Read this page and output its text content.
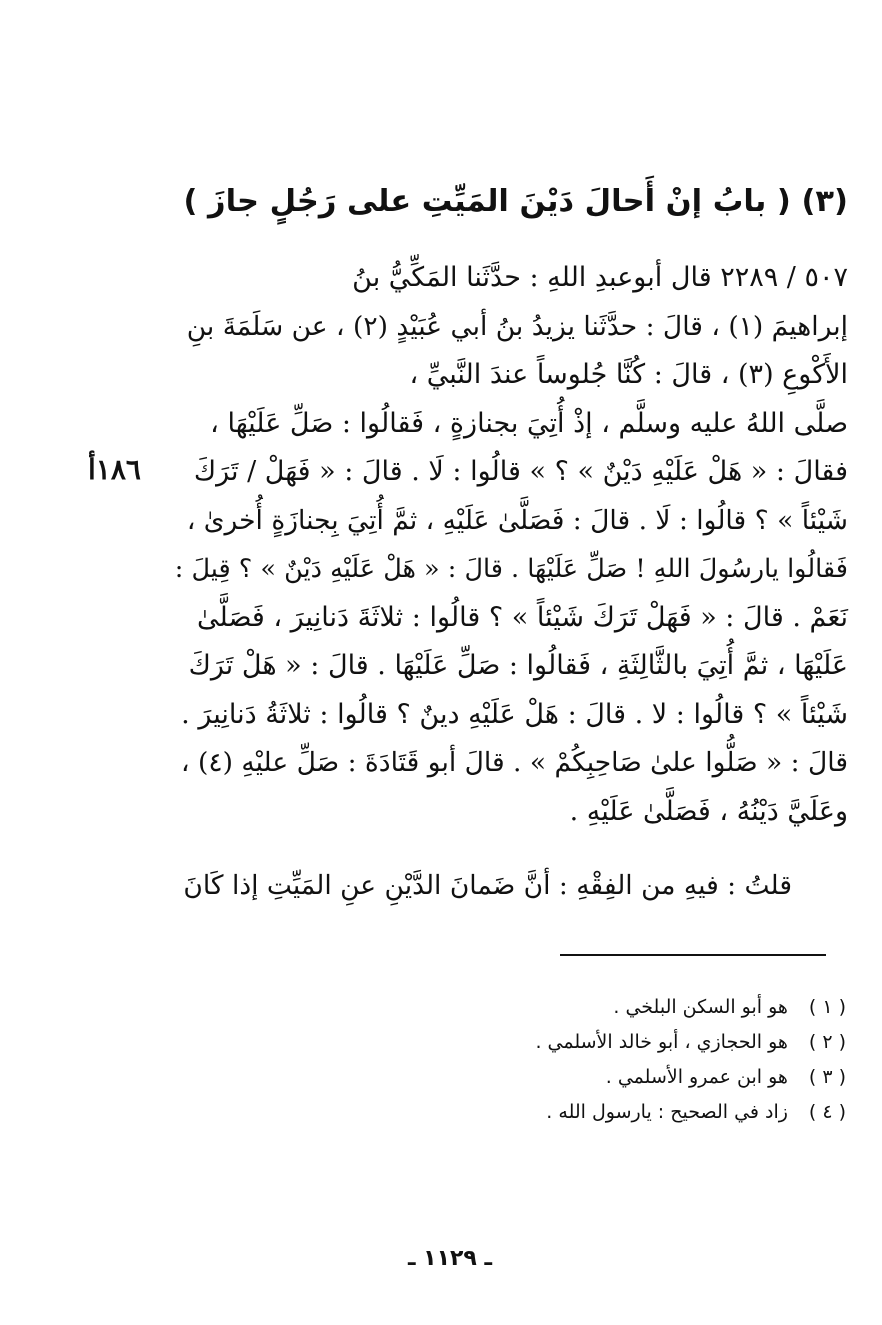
(٣) ( بابُ إنْ أَحالَ دَيْنَ المَيِّتِ على رَجُلٍ جازَ )
١٨٦أ
٥٠٧ / ٢٢٨٩ قال أبوعبدِ اللهِ : حدَّثَنا المَكِّيُّ بنُ
إبراهيمَ (١) ، قالَ : حدَّثَنا يزيدُ بنُ أبي عُبَيْدٍ (٢) ، عن سَلَمَةَ بنِ
الأَكْوعِ (٣) ، قالَ : كُنَّا جُلوساً عندَ النَّبيِّ ،
صلَّى اللهُ عليه وسلَّم ، إذْ أُتِيَ بجنازةٍ ، فَقالُوا : صَلِّ عَلَيْهَا ،
فقالَ : « هَلْ عَلَيْهِ دَيْنٌ » ؟ » قالُوا : لَا . قالَ : « فَهَلْ / تَرَكَ
شَيْئاً » ؟ قالُوا : لَا . قالَ : فَصَلَّىٰ عَلَيْهِ ، ثمَّ أُتِيَ بِجنازَةٍ أُخرىٰ ،
فَقالُوا يارسُولَ اللهِ ! صَلِّ عَلَيْهَا . قالَ : « هَلْ عَلَيْهِ دَيْنٌ » ؟ قِيلَ :
نَعَمْ . قالَ : « فَهَلْ تَرَكَ شَيْئاً » ؟ قالُوا : ثلاثَةَ دَنانِيرَ ، فَصَلَّىٰ
عَلَيْهَا ، ثمَّ أُتِيَ بالثَّالِثَةِ ، فَقالُوا : صَلِّ عَلَيْهَا . قالَ : « هَلْ تَرَكَ
شَيْئاً » ؟ قالُوا : لا . قالَ : هَلْ عَلَيْهِ دينٌ ؟ قالُوا : ثلاثَةُ دَنانِيرَ .
قالَ : « صَلُّوا علىٰ صَاحِبِكُمْ » . قالَ أبو قَتَادَةَ : صَلِّ عليْهِ (٤) ،
وعَلَيَّ دَيْنُهُ ، فَصَلَّىٰ عَلَيْهِ .
قلتُ : فيهِ من الفِقْهِ : أنَّ ضَمانَ الدَّيْنِ عنِ المَيِّتِ إذا كَانَ
( ١ ) هو أبو السكن البلخي .
( ٢ ) هو الحجازي ، أبو خالد الأسلمي .
( ٣ ) هو ابن عمرو الأسلمي .
( ٤ ) زاد في الصحيح : يارسول الله .
ـ ١١٢٩ ـ
